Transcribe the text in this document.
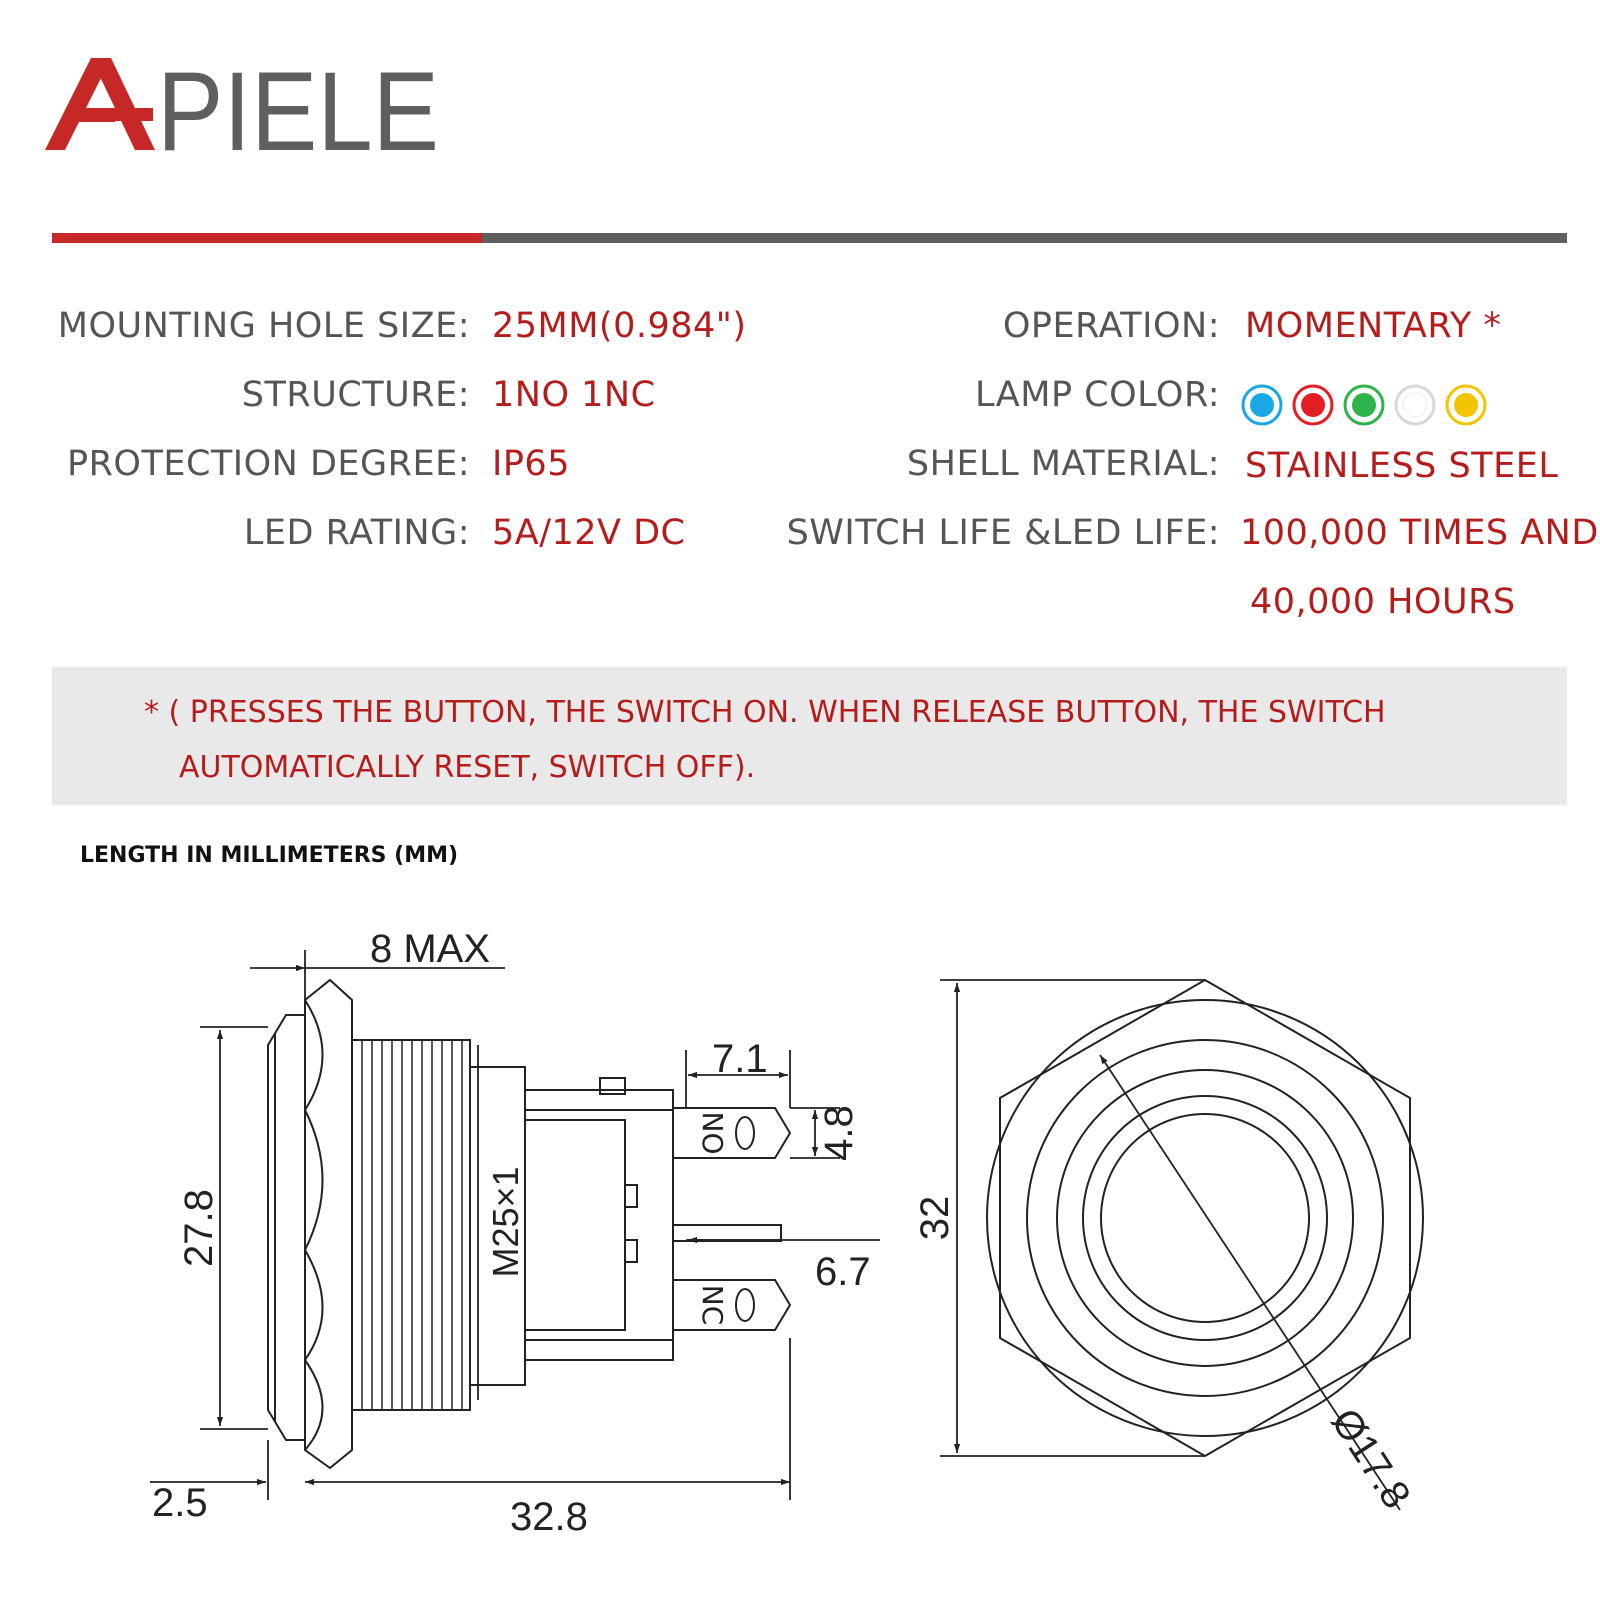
PIELE
MOUNTING HOLE SIZE: 25MM(0.984")
STRUCTURE: 1NO 1NC
PROTECTION DEGREE: IP65
LED RATING: 5A/12V DC
OPERATION: MOMENTARY *
LAMP COLOR:
SHELL MATERIAL: STAINLESS STEEL
SWITCH LIFE &LED LIFE: 100,000 TIMES AND
40,000 HOURS
* ( PRESSES THE BUTTON, THE SWITCH ON. WHEN RELEASE BUTTON, THE SWITCH
AUTOMATICALLY RESET, SWITCH OFF).
LENGTH IN MILLIMETERS (MM)
NO
NC
8 MAX
27.8	M25×1
7.1
4.8
6.7
2.5	32.8
32
Ø17.8
